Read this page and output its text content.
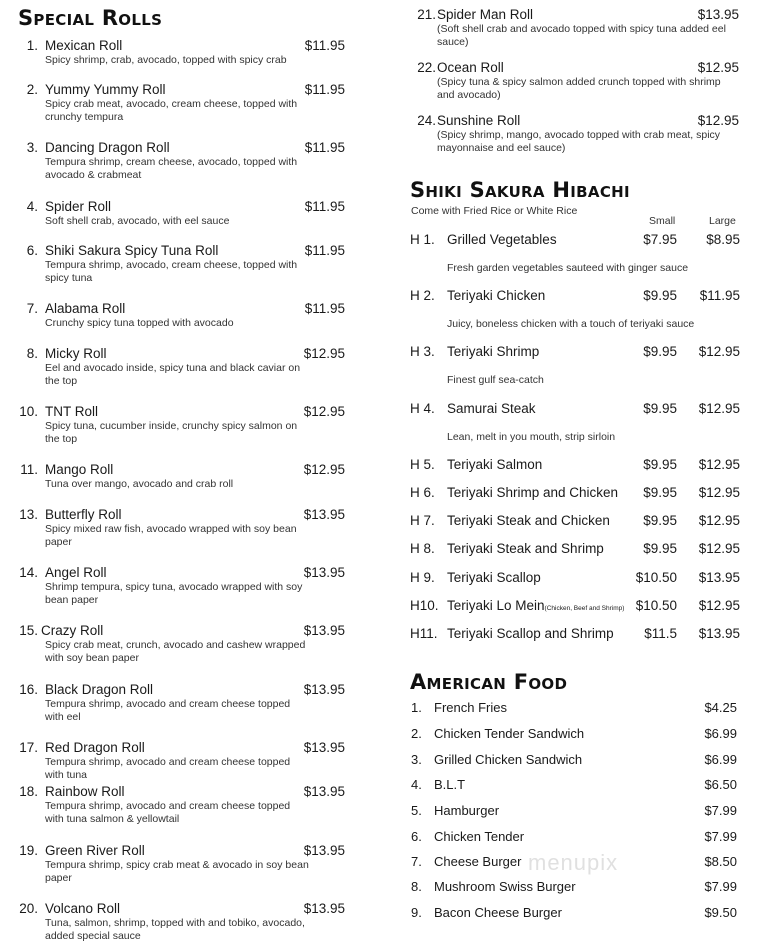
Special Rolls
Shiki Sakura Hibachi
Come with Fried Rice or White Rice
Small	Large
American Food
menupix
1. Mexican Roll	$11.95
Spicy shrimp, crab, avocado, topped with spicy crab
2. Yummy Yummy Roll	$11.95
Spicy crab meat, avocado, cream cheese, topped with crunchy tempura
3. Dancing Dragon Roll	$11.95
Tempura shrimp, cream cheese, avocado, topped with avocado & crabmeat
4. Spider Roll	$11.95
Soft shell crab, avocado, with eel sauce
6. Shiki Sakura Spicy Tuna Roll	$11.95
Tempura shrimp, avocado, cream cheese, topped with spicy tuna
7. Alabama Roll	$11.95
Crunchy spicy tuna topped with avocado
8. Micky Roll	$12.95
Eel and avocado inside, spicy tuna and black caviar on the top
10. TNT Roll	$12.95
Spicy tuna, cucumber inside, crunchy spicy salmon on the top
11. Mango Roll	$12.95
Tuna over mango, avocado and crab roll
13. Butterfly Roll	$13.95
Spicy mixed raw fish, avocado wrapped with soy bean paper
14. Angel Roll	$13.95
Shrimp tempura, spicy tuna, avocado wrapped with soy bean paper
15. Crazy Roll	$13.95
Spicy crab meat, crunch, avocado and cashew wrapped with soy bean paper
16. Black Dragon Roll	$13.95
Tempura shrimp, avocado and cream cheese topped with eel
17. Red Dragon Roll	$13.95
Tempura shrimp, avocado and cream cheese topped with tuna
18. Rainbow Roll	$13.95
Tempura shrimp, avocado and cream cheese topped with tuna salmon & yellowtail
19. Green River Roll	$13.95
Tempura shrimp, spicy crab meat & avocado in soy bean paper
20. Volcano Roll	$13.95
Tuna, salmon, shrimp, topped with and tobiko, avocado, added special sauce
21. Spider Man Roll	$13.95
(Soft shell crab and avocado topped with spicy tuna added eel sauce)
22. Ocean Roll	$12.95
(Spicy tuna & spicy salmon added crunch topped with shrimp and avocado)
24. Sunshine Roll	$12.95
(Spicy shrimp, mango, avocado topped with crab meat, spicy mayonnaise and eel sauce)
H 1. Grilled Vegetables	$7.95 $8.95
Fresh garden vegetables sauteed with ginger sauce
H 2. Teriyaki Chicken	$9.95 $11.95
Juicy, boneless chicken with a touch of teriyaki sauce
H 3. Teriyaki Shrimp	$9.95 $12.95
Finest gulf sea-catch
H 4. Samurai Steak	$9.95 $12.95
Lean, melt in you mouth, strip sirloin
H 5. Teriyaki Salmon	$9.95 $12.95
H 6. Teriyaki Shrimp and Chicken $9.95 $12.95
H 7. Teriyaki Steak and Chicken $9.95 $12.95
H 8. Teriyaki Steak and Shrimp	$9.95 $12.95
H 9. Teriyaki Scallop	$10.50 $13.95
H10. Teriyaki Lo Mein(Chicken, Beef and Shrimp) $10.50 $12.95
H11. Teriyaki Scallop and Shrimp $11.5 $13.95
1. French Fries	$4.25
2. Chicken Tender Sandwich	$6.99
3. Grilled Chicken Sandwich	$6.99
4. B.L.T	$6.50
5. Hamburger	$7.99
6. Chicken Tender	$7.99
7. Cheese Burger	$8.50
8. Mushroom Swiss Burger	$7.99
9. Bacon Cheese Burger	$9.50
